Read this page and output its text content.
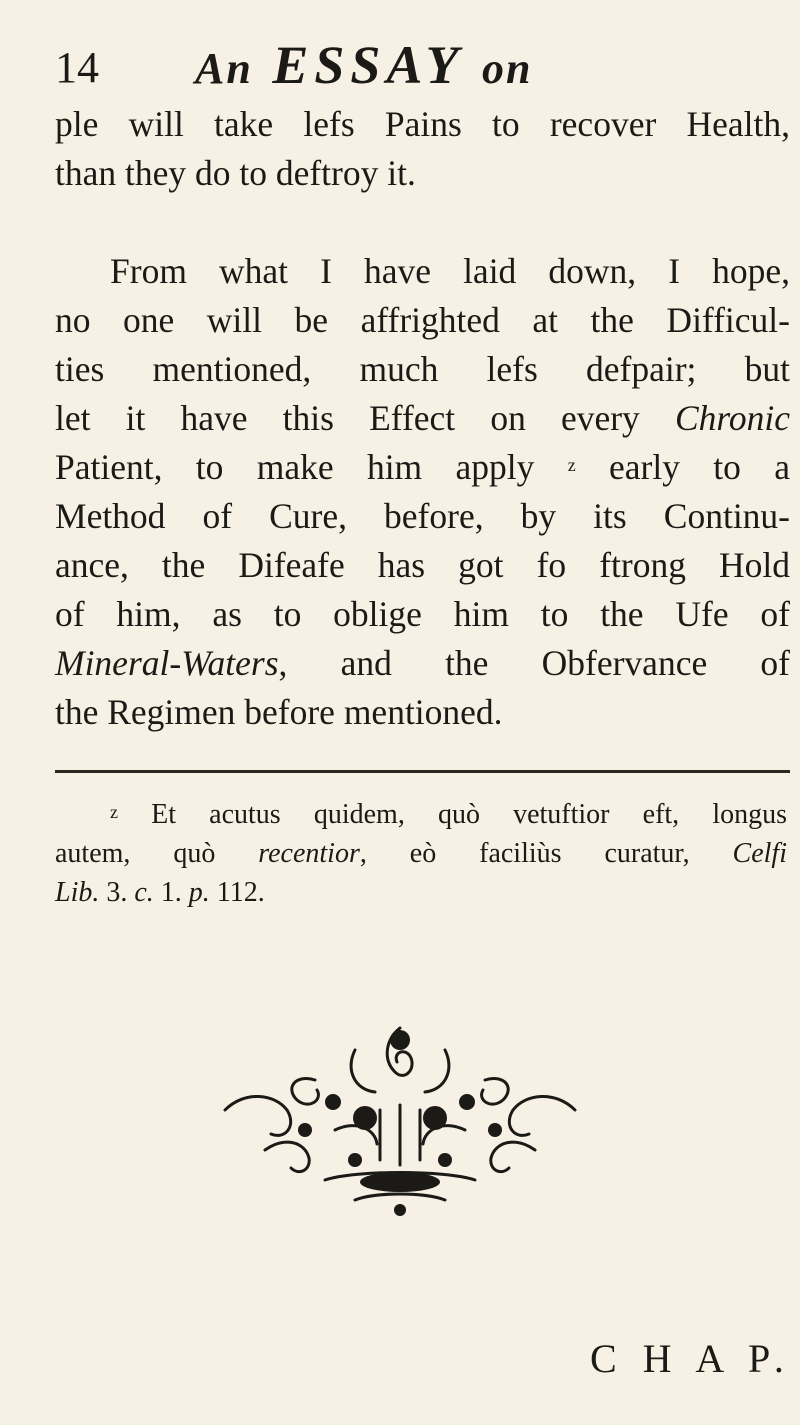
14 An ESSAY on
ple will take lefs Pains to recover Health,
than they do to deftroy it.
From what I have laid down, I hope,
no one will be affrighted at the Difficul-
ties mentioned, much lefs defpair; but
let it have this Effect on every Chronic
Patient, to make him apply $^z$ early to a
Method of Cure, before, by its Continu-
ance, the Difeafe has got fo ftrong Hold
of him, as to oblige him to the Ufe of
Mineral-Waters, and the Obfervance of
the Regimen before mentioned.
$^z$ Et acutus quidem, quò vetuftior eft, longus
autem, quò recentior, eò faciliùs curatur, Celfi
Lib. 3. c. 1. p. 112.
C H A P.
